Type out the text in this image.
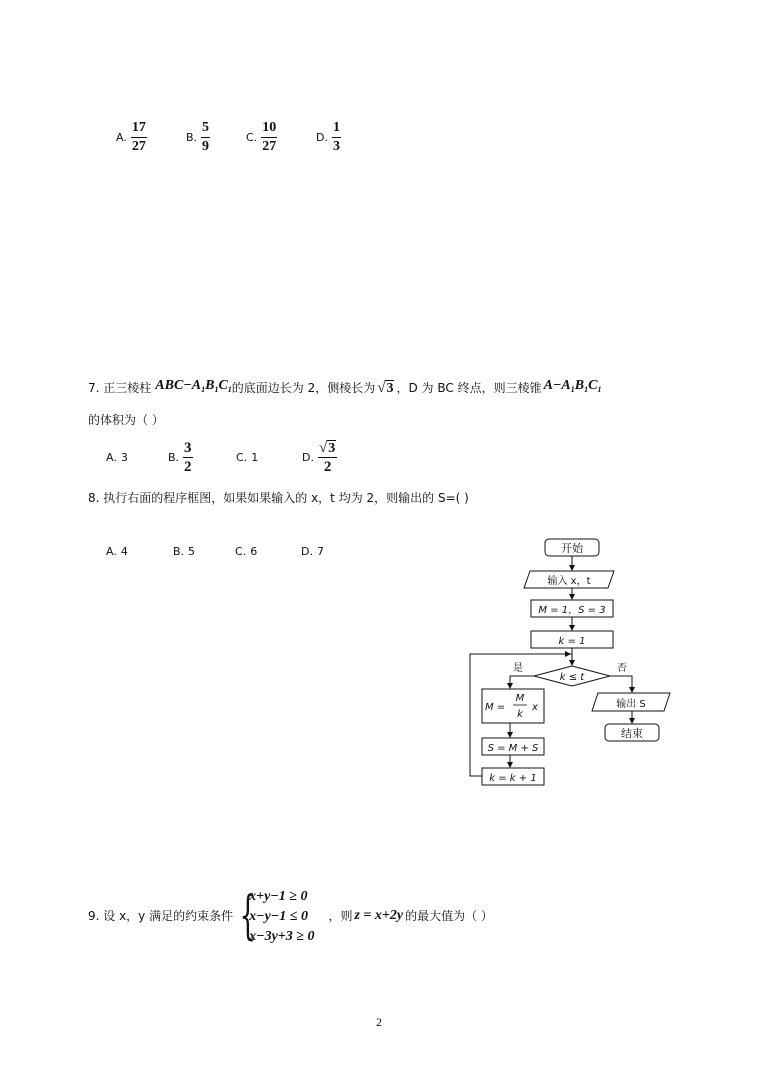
A. $\frac{17}{27}$	B. $\frac{5}{9}$	C. $\frac{10}{27}$	D. $\frac{1}{3}$
7. 正三棱柱 $ABC-A_1B_1C_1$ 的底面边长为 2，侧棱长为 √ 3 ，D 为 BC 终点，则三棱锥 $A-A_1B_1C_1$
的体积为（ ）
A. 3	B. $\frac{3}{2}$	C. 1	D. $\frac{√ 3}{2}$
8. 执行右面的程序框图，如果如果输入的 x，t 均为 2，则输出的 S=( )
A. 4	B. 5	C. 6	D. 7	开始
输入 x，t
M = 1，S = 3
k = 1
k ≤ t
是	否
M =
M
k
x
S = M + S
k = k + 1
输出 S
结束
9. 设 x，y 满足的约束条件 {
x+y−1 ≥ 0
x−y−1 ≤ 0
x−3y+3 ≥ 0
，则 z = x+2y 的最大值为（ ）
2
